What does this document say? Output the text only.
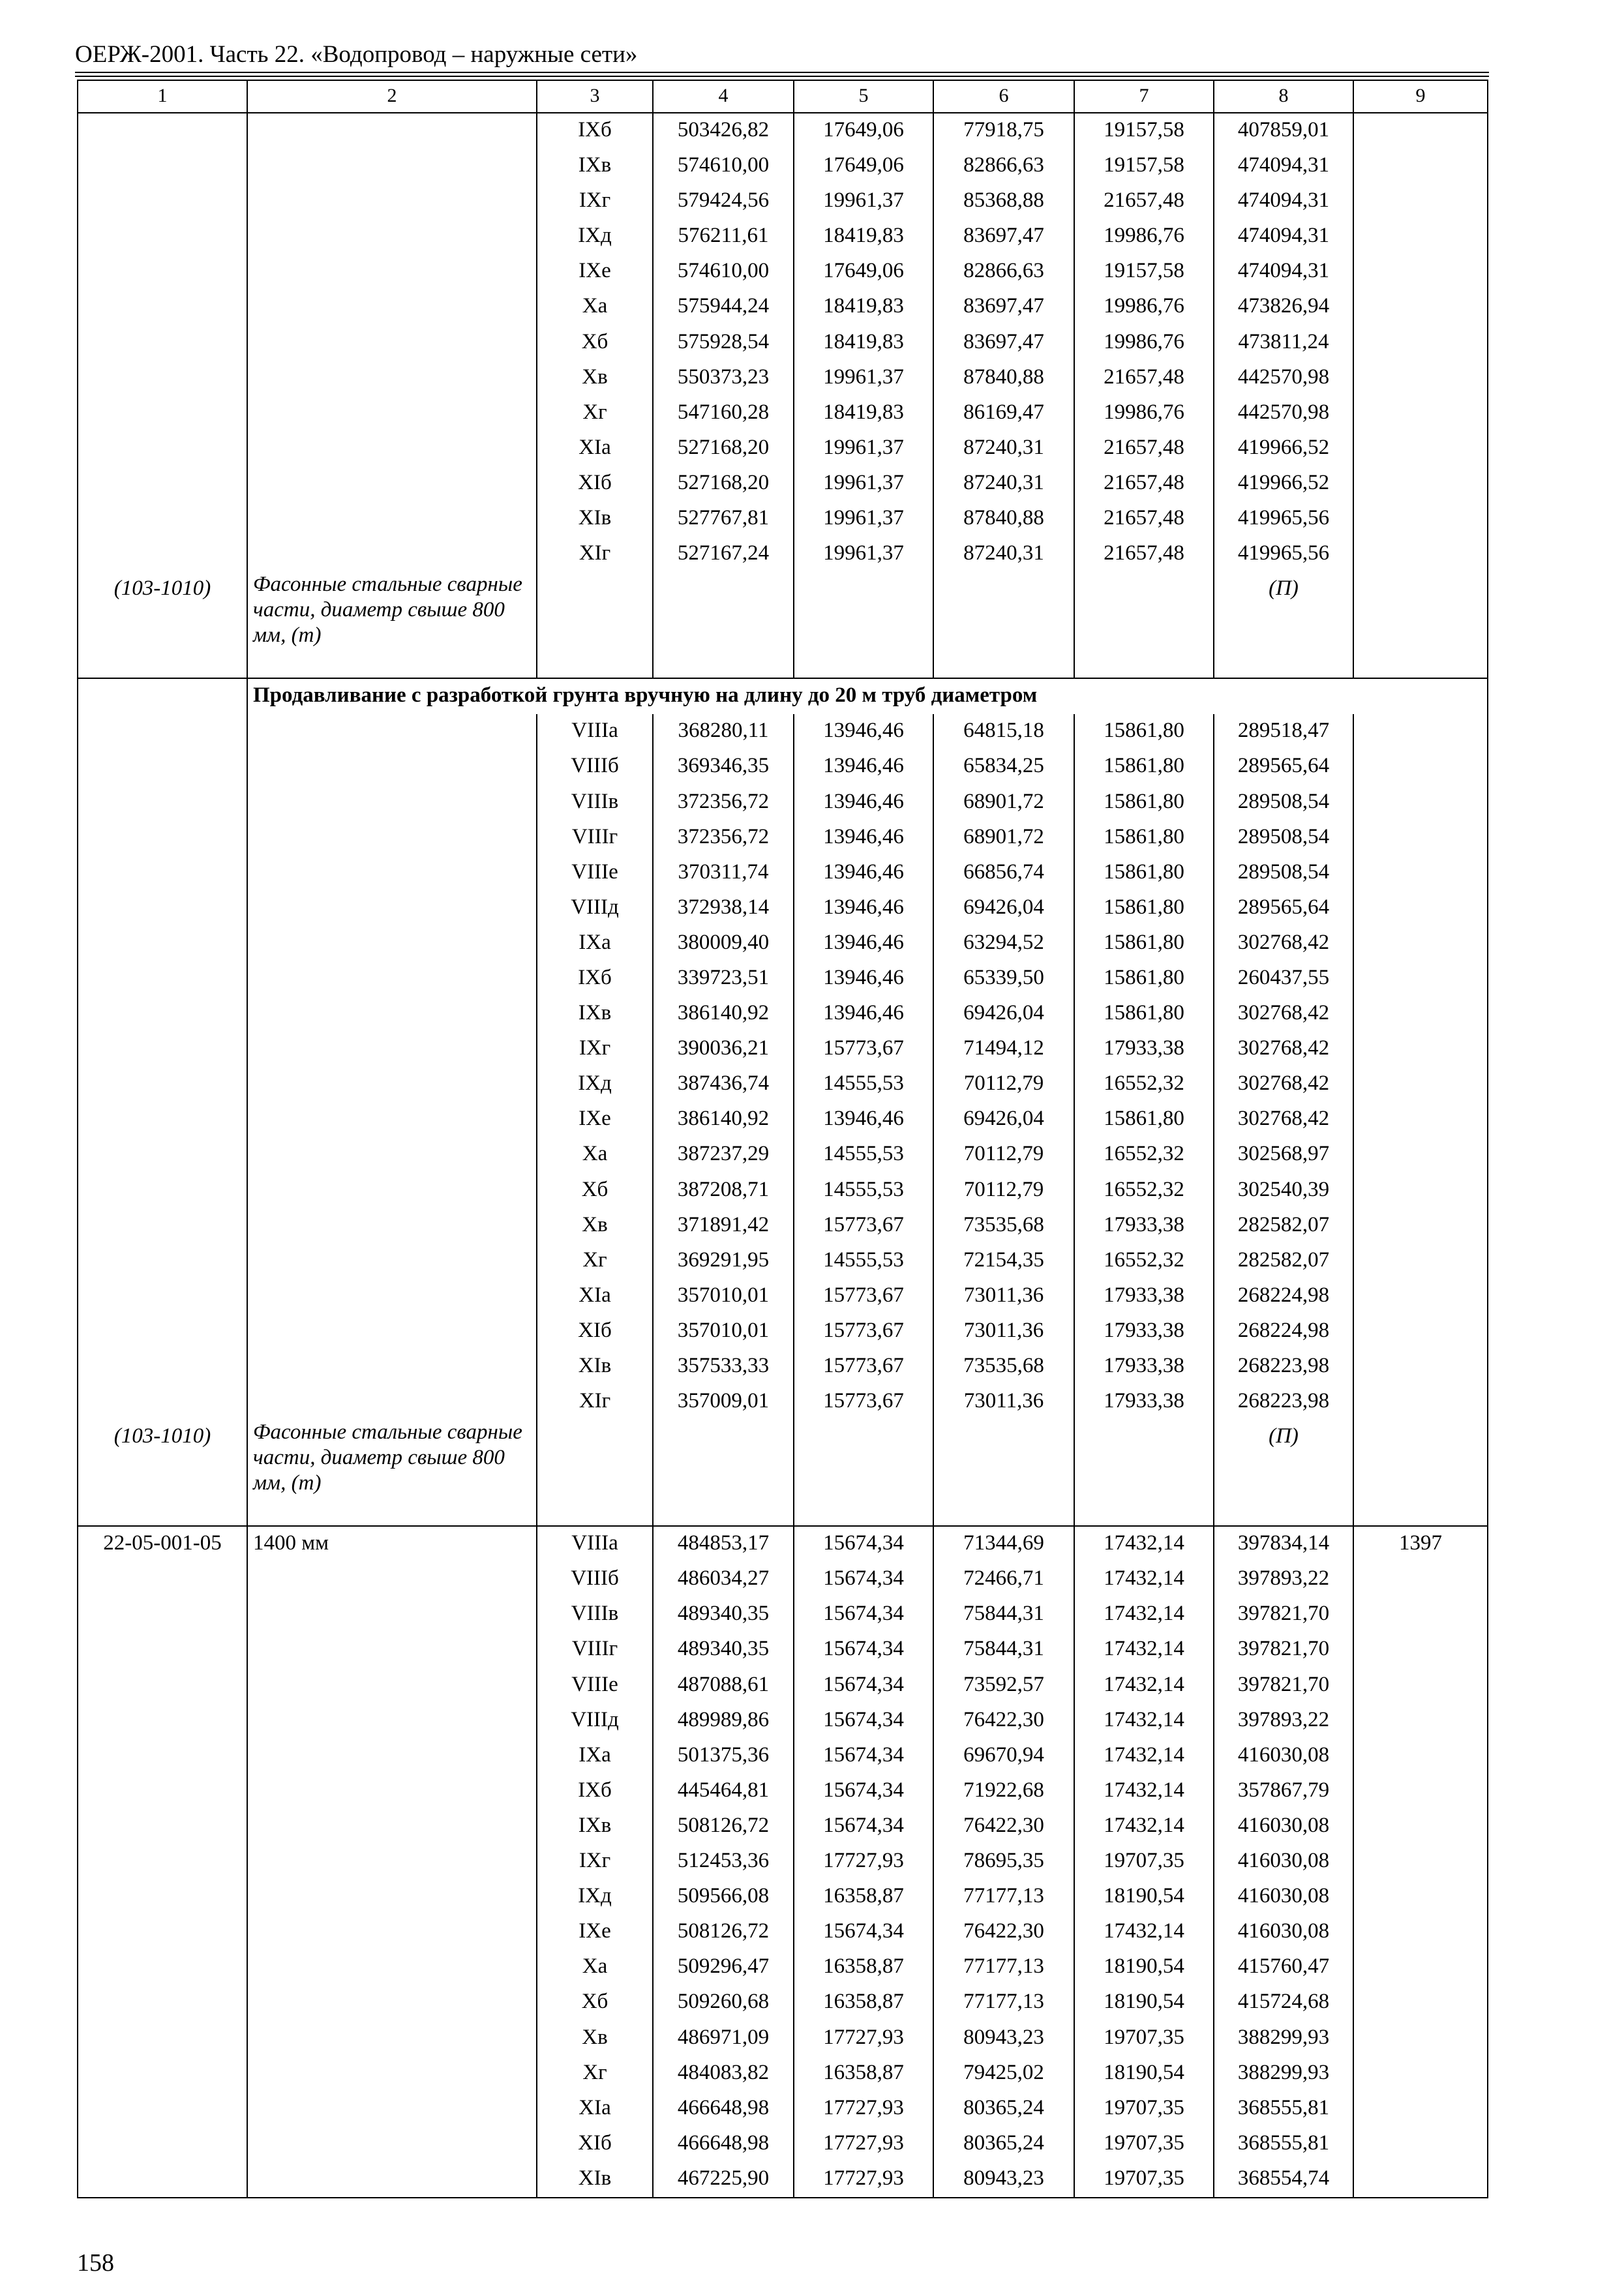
ОЕРЖ-2001. Часть 22. «Водопровод – наружные сети»
1	2	3	4	5	6	7	8	9
		IXб	503426,82	17649,06	77918,75	19157,58	407859,01	
		IXв	574610,00	17649,06	82866,63	19157,58	474094,31	
		IXг	579424,56	19961,37	85368,88	21657,48	474094,31	
		IXд	576211,61	18419,83	83697,47	19986,76	474094,31	
		IXе	574610,00	17649,06	82866,63	19157,58	474094,31	
		Xa	575944,24	18419,83	83697,47	19986,76	473826,94	
		Xб	575928,54	18419,83	83697,47	19986,76	473811,24	
		Xв	550373,23	19961,37	87840,88	21657,48	442570,98	
		Xг	547160,28	18419,83	86169,47	19986,76	442570,98	
		XIa	527168,20	19961,37	87240,31	21657,48	419966,52	
		XIб	527168,20	19961,37	87240,31	21657,48	419966,52	
		XIв	527767,81	19961,37	87840,88	21657,48	419965,56	
		XIг	527167,24	19961,37	87240,31	21657,48	419965,56	
(103-1010)	Фасонные стальные сварные части, диаметр свыше 800 мм, (т)						(П)	
	Продавливание с разработкой грунта вручную на длину до 20 м труб диаметром							
		VIIIa	368280,11	13946,46	64815,18	15861,80	289518,47	
		VIIIб	369346,35	13946,46	65834,25	15861,80	289565,64	
		VIIIв	372356,72	13946,46	68901,72	15861,80	289508,54	
		VIIIг	372356,72	13946,46	68901,72	15861,80	289508,54	
		VIIIе	370311,74	13946,46	66856,74	15861,80	289508,54	
		VIIIд	372938,14	13946,46	69426,04	15861,80	289565,64	
		IXa	380009,40	13946,46	63294,52	15861,80	302768,42	
		IXб	339723,51	13946,46	65339,50	15861,80	260437,55	
		IXв	386140,92	13946,46	69426,04	15861,80	302768,42	
		IXг	390036,21	15773,67	71494,12	17933,38	302768,42	
		IXд	387436,74	14555,53	70112,79	16552,32	302768,42	
		IXе	386140,92	13946,46	69426,04	15861,80	302768,42	
		Xa	387237,29	14555,53	70112,79	16552,32	302568,97	
		Xб	387208,71	14555,53	70112,79	16552,32	302540,39	
		Xв	371891,42	15773,67	73535,68	17933,38	282582,07	
		Xг	369291,95	14555,53	72154,35	16552,32	282582,07	
		XIa	357010,01	15773,67	73011,36	17933,38	268224,98	
		XIб	357010,01	15773,67	73011,36	17933,38	268224,98	
		XIв	357533,33	15773,67	73535,68	17933,38	268223,98	
		XIг	357009,01	15773,67	73011,36	17933,38	268223,98	
(103-1010)	Фасонные стальные сварные части, диаметр свыше 800 мм, (т)						(П)	
22-05-001-05	1400 мм	VIIIa	484853,17	15674,34	71344,69	17432,14	397834,14	1397
		VIIIб	486034,27	15674,34	72466,71	17432,14	397893,22	
		VIIIв	489340,35	15674,34	75844,31	17432,14	397821,70	
		VIIIг	489340,35	15674,34	75844,31	17432,14	397821,70	
		VIIIе	487088,61	15674,34	73592,57	17432,14	397821,70	
		VIIIд	489989,86	15674,34	76422,30	17432,14	397893,22	
		IXa	501375,36	15674,34	69670,94	17432,14	416030,08	
		IXб	445464,81	15674,34	71922,68	17432,14	357867,79	
		IXв	508126,72	15674,34	76422,30	17432,14	416030,08	
		IXг	512453,36	17727,93	78695,35	19707,35	416030,08	
		IXд	509566,08	16358,87	77177,13	18190,54	416030,08	
		IXе	508126,72	15674,34	76422,30	17432,14	416030,08	
		Xa	509296,47	16358,87	77177,13	18190,54	415760,47	
		Xб	509260,68	16358,87	77177,13	18190,54	415724,68	
		Xв	486971,09	17727,93	80943,23	19707,35	388299,93	
		Xг	484083,82	16358,87	79425,02	18190,54	388299,93	
		XIa	466648,98	17727,93	80365,24	19707,35	368555,81	
		XIб	466648,98	17727,93	80365,24	19707,35	368555,81	
		XIв	467225,90	17727,93	80943,23	19707,35	368554,74	
158
